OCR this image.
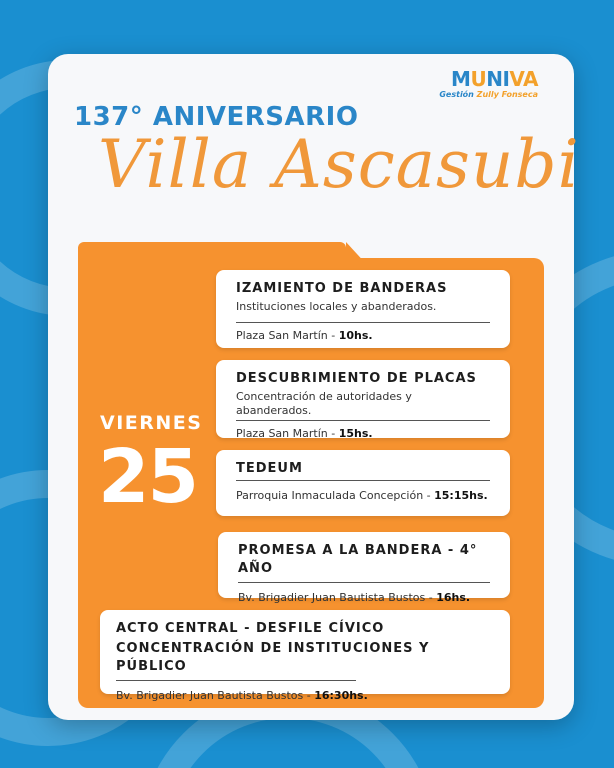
MUNIVA
Gestión Zully Fonseca
137° ANIVERSARIO
Villa Ascasubi
VIERNES
25
IZAMIENTO DE BANDERAS
Instituciones locales y abanderados.
Plaza San Martín - 10hs.
DESCUBRIMIENTO DE PLACAS
Concentración de autoridades y abanderados.
Plaza San Martín - 15hs.
TEDEUM
Parroquia Inmaculada Concepción - 15:15hs.
PROMESA A LA BANDERA - 4° AÑO
Bv. Brigadier Juan Bautista Bustos - 16hs.
ACTO CENTRAL - DESFILE CÍVICO
CONCENTRACIÓN DE INSTITUCIONES Y PÚBLICO
Bv. Brigadier Juan Bautista Bustos - 16:30hs.
